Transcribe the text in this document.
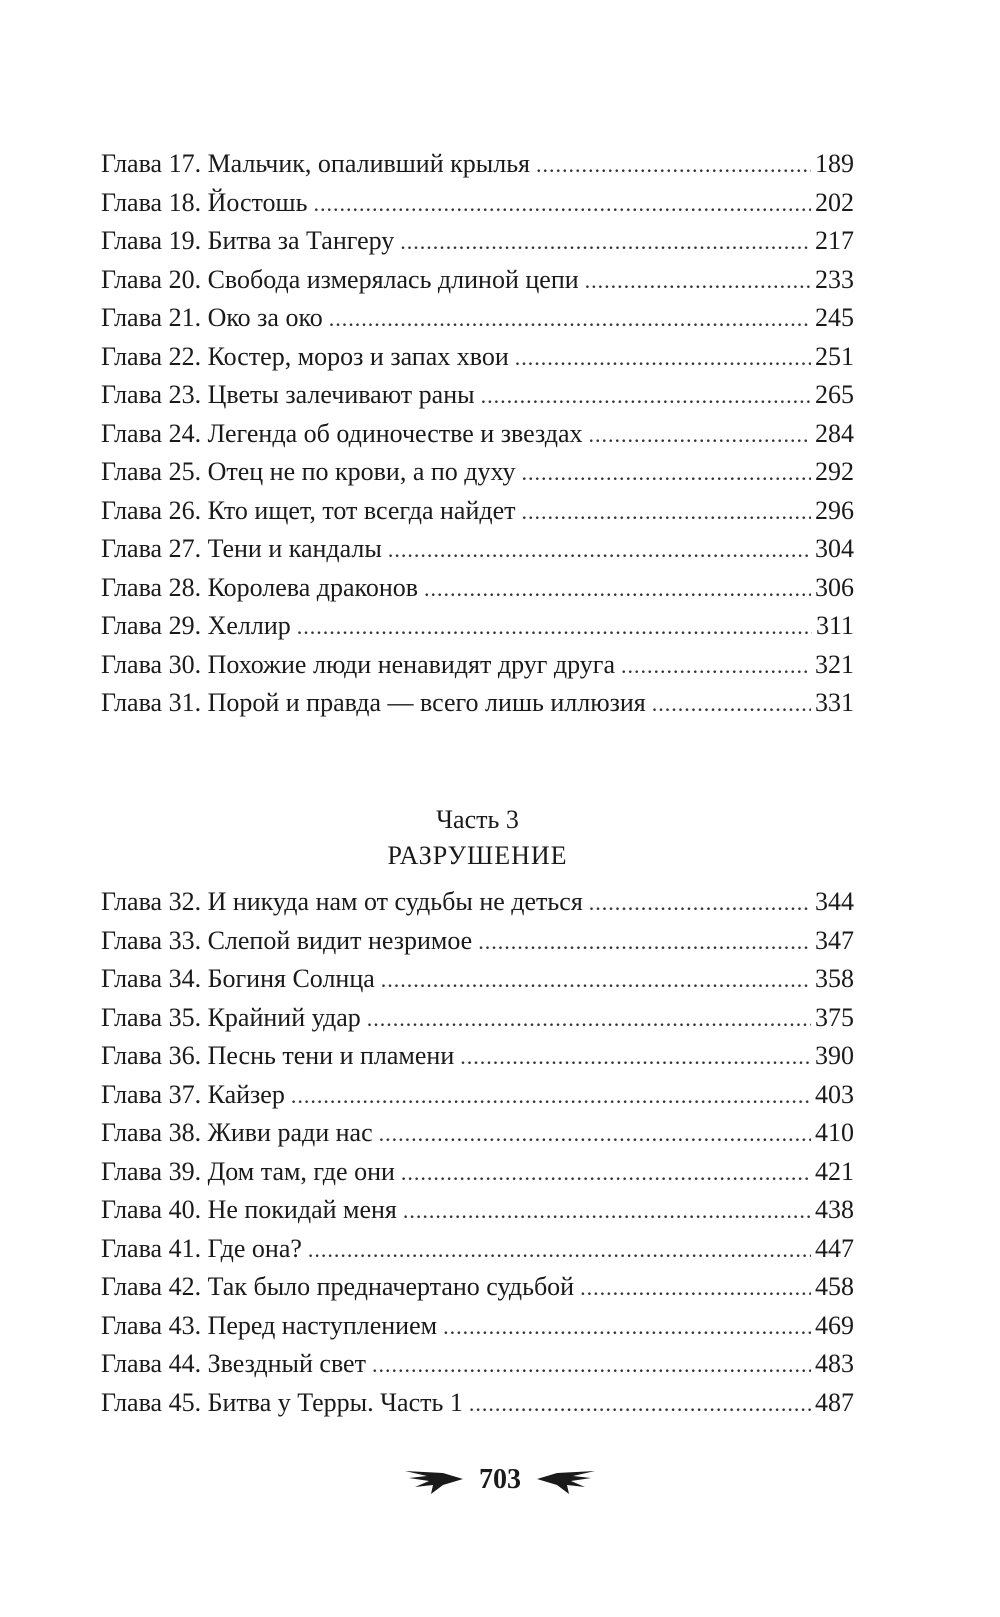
Глава 17. Мальчик, опаливший крылья .....	189
Глава 18. Йостошь .....	202
Глава 19. Битва за Тангеру .....	217
Глава 20. Свобода измерялась длиной цепи .....	233
Глава 21. Око за око .....	245
Глава 22. Костер, мороз и запах хвои .....	251
Глава 23. Цветы залечивают раны .....	265
Глава 24. Легенда об одиночестве и звездах .....	284
Глава 25. Отец не по крови, а по духу .....	292
Глава 26. Кто ищет, тот всегда найдет .....	296
Глава 27. Тени и кандалы .....	304
Глава 28. Королева драконов .....	306
Глава 29. Хеллир .....	311
Глава 30. Похожие люди ненавидят друг друга .....	321
Глава 31. Порой и правда — всего лишь иллюзия .....	331
Часть 3
РАЗРУШЕНИЕ
Глава 32. И никуда нам от судьбы не деться .....	344
Глава 33. Слепой видит незримое .....	347
Глава 34. Богиня Солнца .....	358
Глава 35. Крайний удар .....	375
Глава 36. Песнь тени и пламени .....	390
Глава 37. Кайзер .....	403
Глава 38. Живи ради нас .....	410
Глава 39. Дом там, где они .....	421
Глава 40. Не покидай меня .....	438
Глава 41. Где она? .....	447
Глава 42. Так было предначертано судьбой .....	458
Глава 43. Перед наступлением .....	469
Глава 44. Звездный свет .....	483
Глава 45. Битва у Терры. Часть 1 .....	487
703
